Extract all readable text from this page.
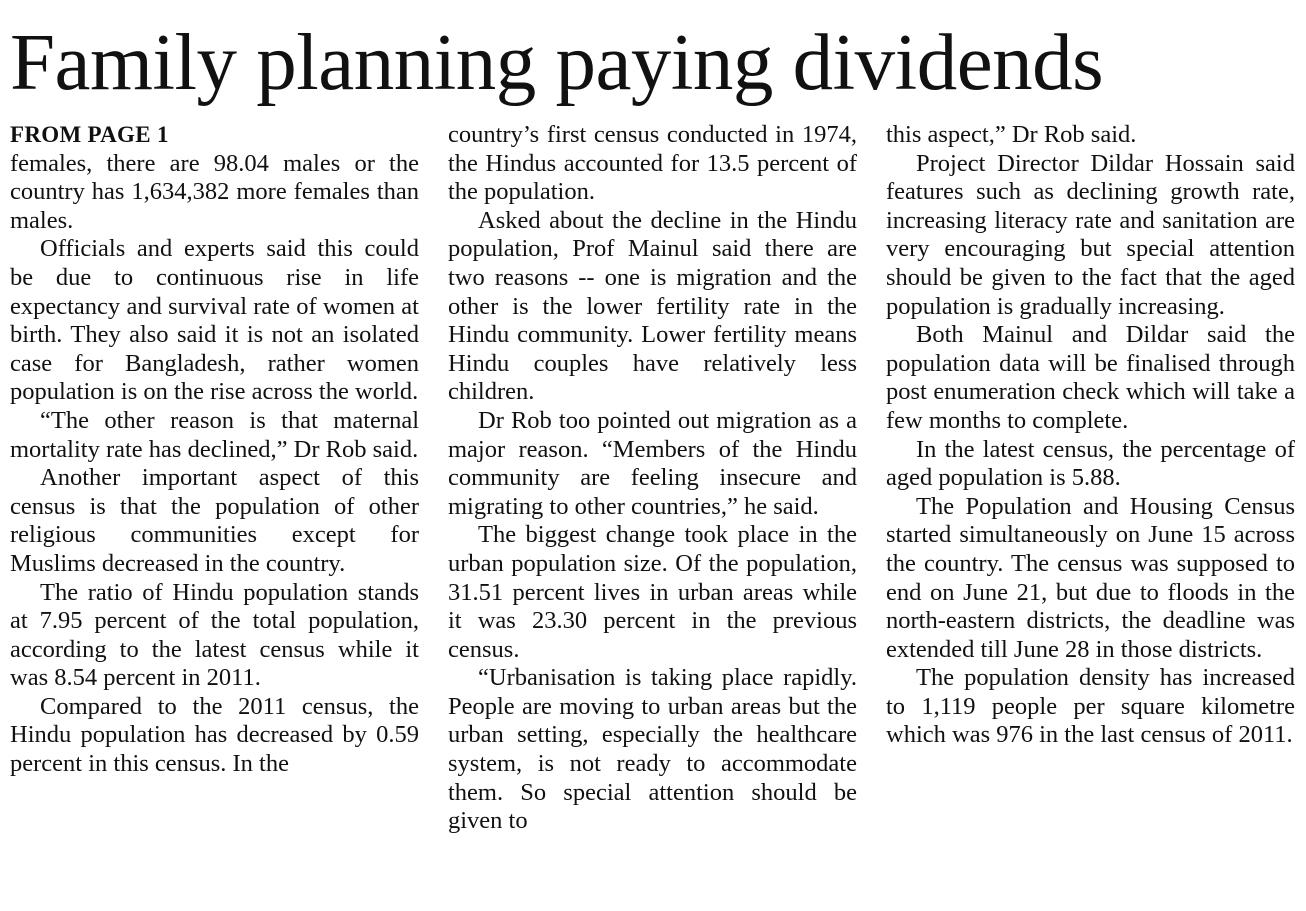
Family planning paying dividends
FROM PAGE 1

females, there are 98.04 males or the country has 1,634,382 more females than males.

Officials and experts said this could be due to continuous rise in life expectancy and survival rate of women at birth. They also said it is not an isolated case for Bangladesh, rather women population is on the rise across the world.

“The other reason is that maternal mortality rate has declined,” Dr Rob said.

Another important aspect of this census is that the population of other religious communities except for Muslims decreased in the country.

The ratio of Hindu population stands at 7.95 percent of the total population, according to the latest census while it was 8.54 percent in 2011.

Compared to the 2011 census, the Hindu population has decreased by 0.59 percent in this census. In the

country’s first census conducted in 1974, the Hindus accounted for 13.5 percent of the population.

Asked about the decline in the Hindu population, Prof Mainul said there are two reasons -- one is migration and the other is the lower fertility rate in the Hindu community. Lower fertility means Hindu couples have relatively less children.

Dr Rob too pointed out migration as a major reason. “Members of the Hindu community are feeling insecure and migrating to other countries,” he said.

The biggest change took place in the urban population size. Of the population, 31.51 percent lives in urban areas while it was 23.30 percent in the previous census.

“Urbanisation is taking place rapidly. People are moving to urban areas but the urban setting, especially the healthcare system, is not ready to accommodate them. So special attention should be given to

this aspect,” Dr Rob said.

Project Director Dildar Hossain said features such as declining growth rate, increasing literacy rate and sanitation are very encouraging but special attention should be given to the fact that the aged population is gradually increasing.

Both Mainul and Dildar said the population data will be finalised through post enumeration check which will take a few months to complete.

In the latest census, the percentage of aged population is 5.88.

The Population and Housing Census started simultaneously on June 15 across the country. The census was supposed to end on June 21, but due to floods in the north-eastern districts, the deadline was extended till June 28 in those districts.

The population density has increased to 1,119 people per square kilometre which was 976 in the last census of 2011.
